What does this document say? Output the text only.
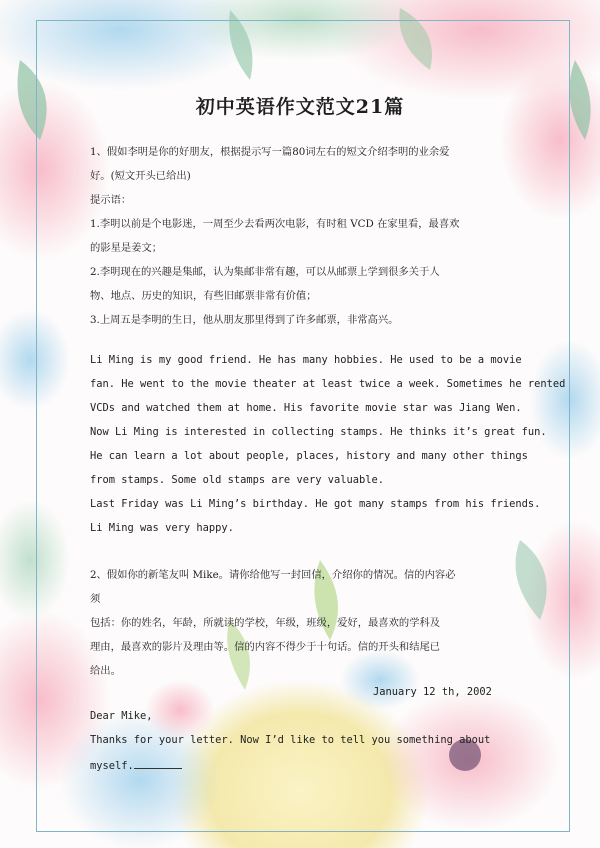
初中英语作文范文21篇
1、假如李明是你的好朋友，根据提示写一篇80词左右的短文介绍李明的业余爱
好。(短文开头已给出)
提示语：
1.李明以前是个电影迷，一周至少去看两次电影，有时租 VCD 在家里看，最喜欢
的影星是姜文；
2.李明现在的兴趣是集邮，认为集邮非常有趣，可以从邮票上学到很多关于人
物、地点、历史的知识，有些旧邮票非常有价值；
3.上周五是李明的生日，他从朋友那里得到了许多邮票，非常高兴。
Li Ming is my good friend. He has many hobbies. He used to be a movie
fan. He went to the movie theater at least twice a week. Sometimes he rented
VCDs and watched them at home. His favorite movie star was Jiang Wen.
Now Li Ming is interested in collecting stamps. He thinks it’s great fun.
He can learn a lot about people, places, history and many other things
from stamps. Some old stamps are very valuable.
Last Friday was Li Ming’s birthday. He got many stamps from his friends.
Li Ming was very happy.
2、假如你的新笔友叫 Mike。请你给他写一封回信，介绍你的情况。信的内容必
须
包括：你的姓名，年龄，所就读的学校，年级，班级，爱好，最喜欢的学科及
理由，最喜欢的影片及理由等。信的内容不得少于十句话。信的开头和结尾已
给出。
January 12 th, 2002
Dear Mike,
Thanks for your letter. Now I’d like to tell you something about
myself.
